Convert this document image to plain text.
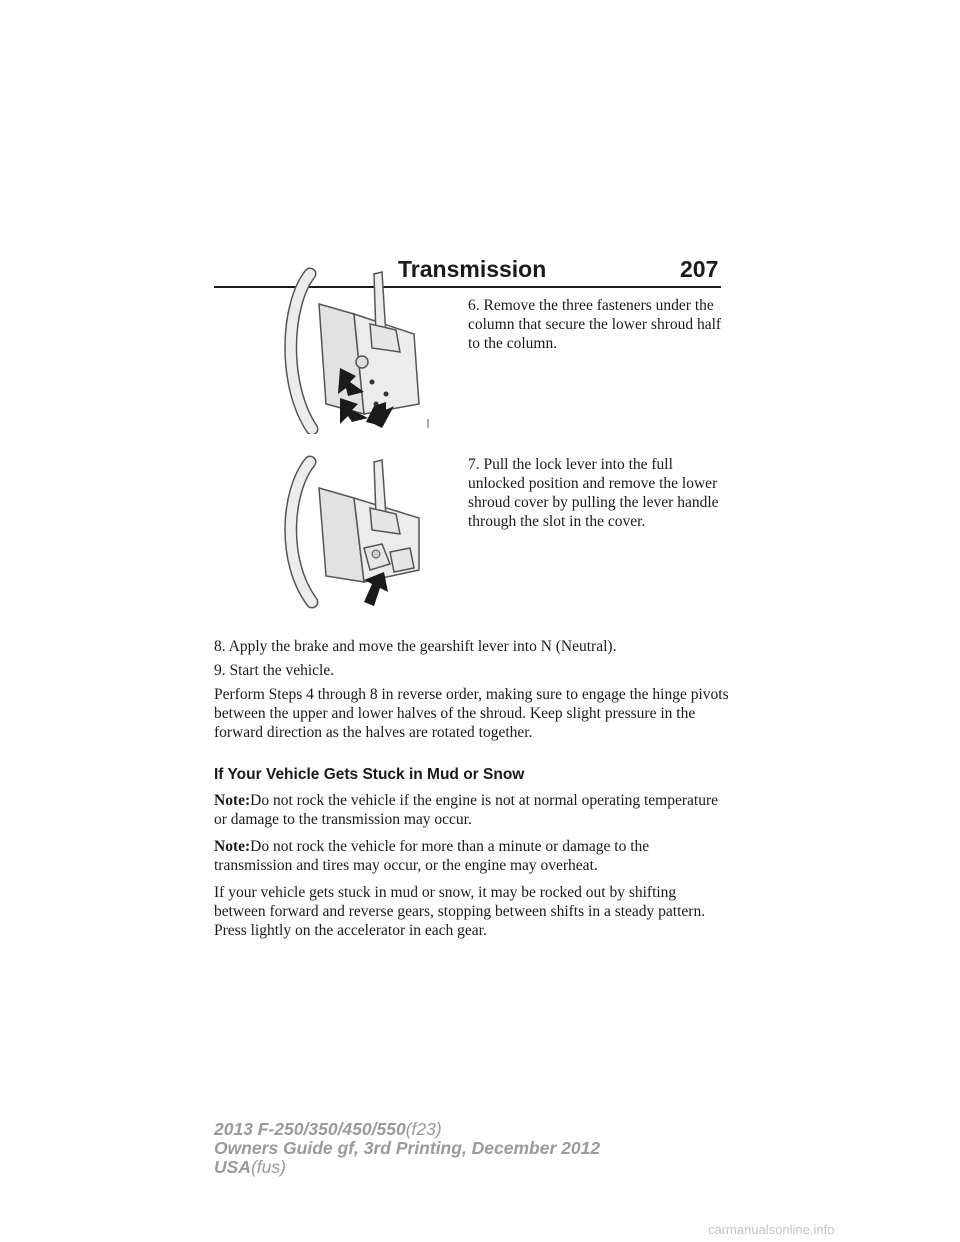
Transmission	207

6. Remove the three fasteners under the column that secure the lower shroud half to the column.

7. Pull the lock lever into the full unlocked position and remove the lower shroud cover by pulling the lever handle through the slot in the cover.

8. Apply the brake and move the gearshift lever into N (Neutral).

9. Start the vehicle.

Perform Steps 4 through 8 in reverse order, making sure to engage the hinge pivots between the upper and lower halves of the shroud. Keep slight pressure in the forward direction as the halves are rotated together.

If Your Vehicle Gets Stuck in Mud or Snow

Note:Do not rock the vehicle if the engine is not at normal operating temperature or damage to the transmission may occur.

Note:Do not rock the vehicle for more than a minute or damage to the transmission and tires may occur, or the engine may overheat.

If your vehicle gets stuck in mud or snow, it may be rocked out by shifting between forward and reverse gears, stopping between shifts in a steady pattern. Press lightly on the accelerator in each gear.

2013 F-250/350/450/550(f23)
Owners Guide gf, 3rd Printing, December 2012
USA(fus)
carmanualsonline.info
